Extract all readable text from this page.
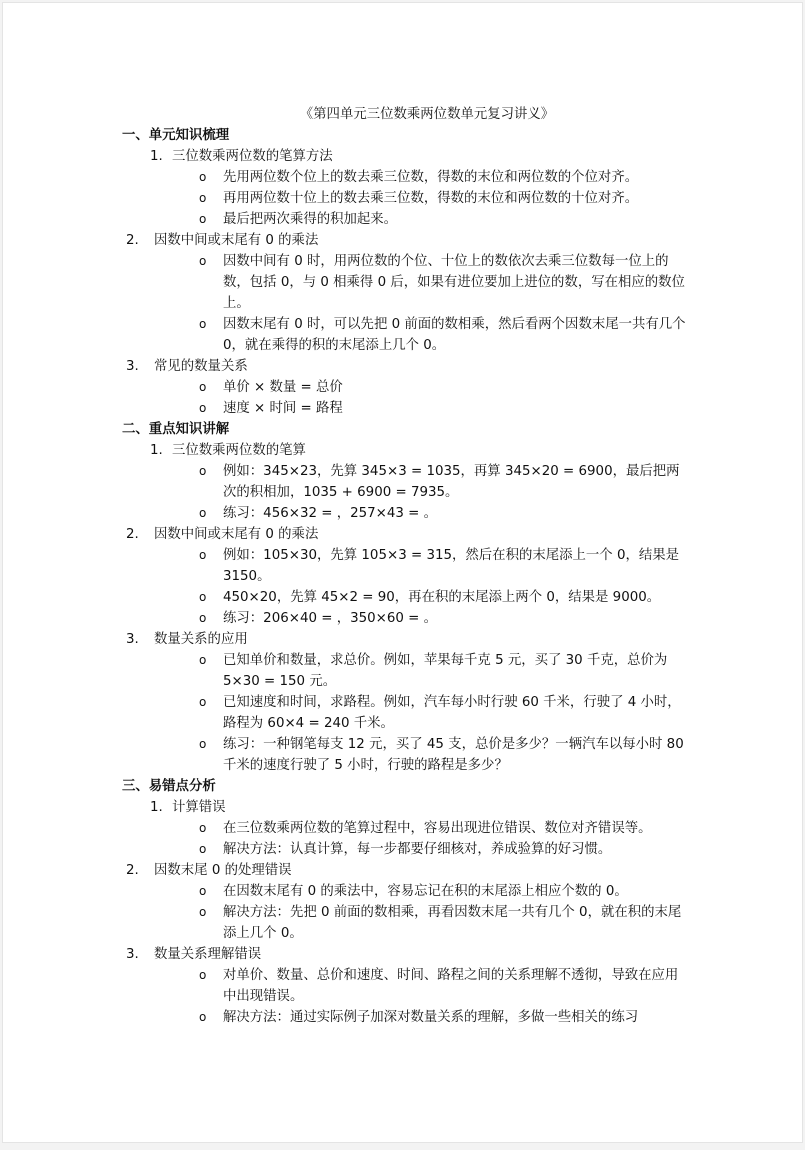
《第四单元三位数乘两位数单元复习讲义》
一、单元知识梳理
1. 三位数乘两位数的笔算方法
o 先用两位数个位上的数去乘三位数，得数的末位和两位数的个位对齐。
o 再用两位数十位上的数去乘三位数，得数的末位和两位数的十位对齐。
o 最后把两次乘得的积加起来。
2. 因数中间或末尾有 0 的乘法
o 因数中间有 0 时，用两位数的个位、十位上的数依次去乘三位数每一位上的数，包括 0，与 0 相乘得 0 后，如果有进位要加上进位的数，写在相应的数位上。
o 因数末尾有 0 时，可以先把 0 前面的数相乘，然后看两个因数末尾一共有几个 0，就在乘得的积的末尾添上几个 0。
3. 常见的数量关系
o 单价 × 数量 = 总价
o 速度 × 时间 = 路程
二、重点知识讲解
1. 三位数乘两位数的笔算
o 例如：345×23，先算 345×3 = 1035，再算 345×20 = 6900，最后把两次的积相加，1035 + 6900 = 7935。
o 练习：456×32 = ，257×43 = 。
2. 因数中间或末尾有 0 的乘法
o 例如：105×30，先算 105×3 = 315，然后在积的末尾添上一个 0，结果是 3150。
o 450×20，先算 45×2 = 90，再在积的末尾添上两个 0，结果是 9000。
o 练习：206×40 = ，350×60 = 。
3. 数量关系的应用
o 已知单价和数量，求总价。例如，苹果每千克 5 元，买了 30 千克，总价为 5×30 = 150 元。
o 已知速度和时间，求路程。例如，汽车每小时行驶 60 千米，行驶了 4 小时，路程为 60×4 = 240 千米。
o 练习：一种钢笔每支 12 元，买了 45 支，总价是多少？一辆汽车以每小时 80 千米的速度行驶了 5 小时，行驶的路程是多少？
三、易错点分析
1. 计算错误
o 在三位数乘两位数的笔算过程中，容易出现进位错误、数位对齐错误等。
o 解决方法：认真计算，每一步都要仔细核对，养成验算的好习惯。
2. 因数末尾 0 的处理错误
o 在因数末尾有 0 的乘法中，容易忘记在积的末尾添上相应个数的 0。
o 解决方法：先把 0 前面的数相乘，再看因数末尾一共有几个 0，就在积的末尾添上几个 0。
3. 数量关系理解错误
o 对单价、数量、总价和速度、时间、路程之间的关系理解不透彻，导致在应用中出现错误。
o 解决方法：通过实际例子加深对数量关系的理解，多做一些相关的练习
